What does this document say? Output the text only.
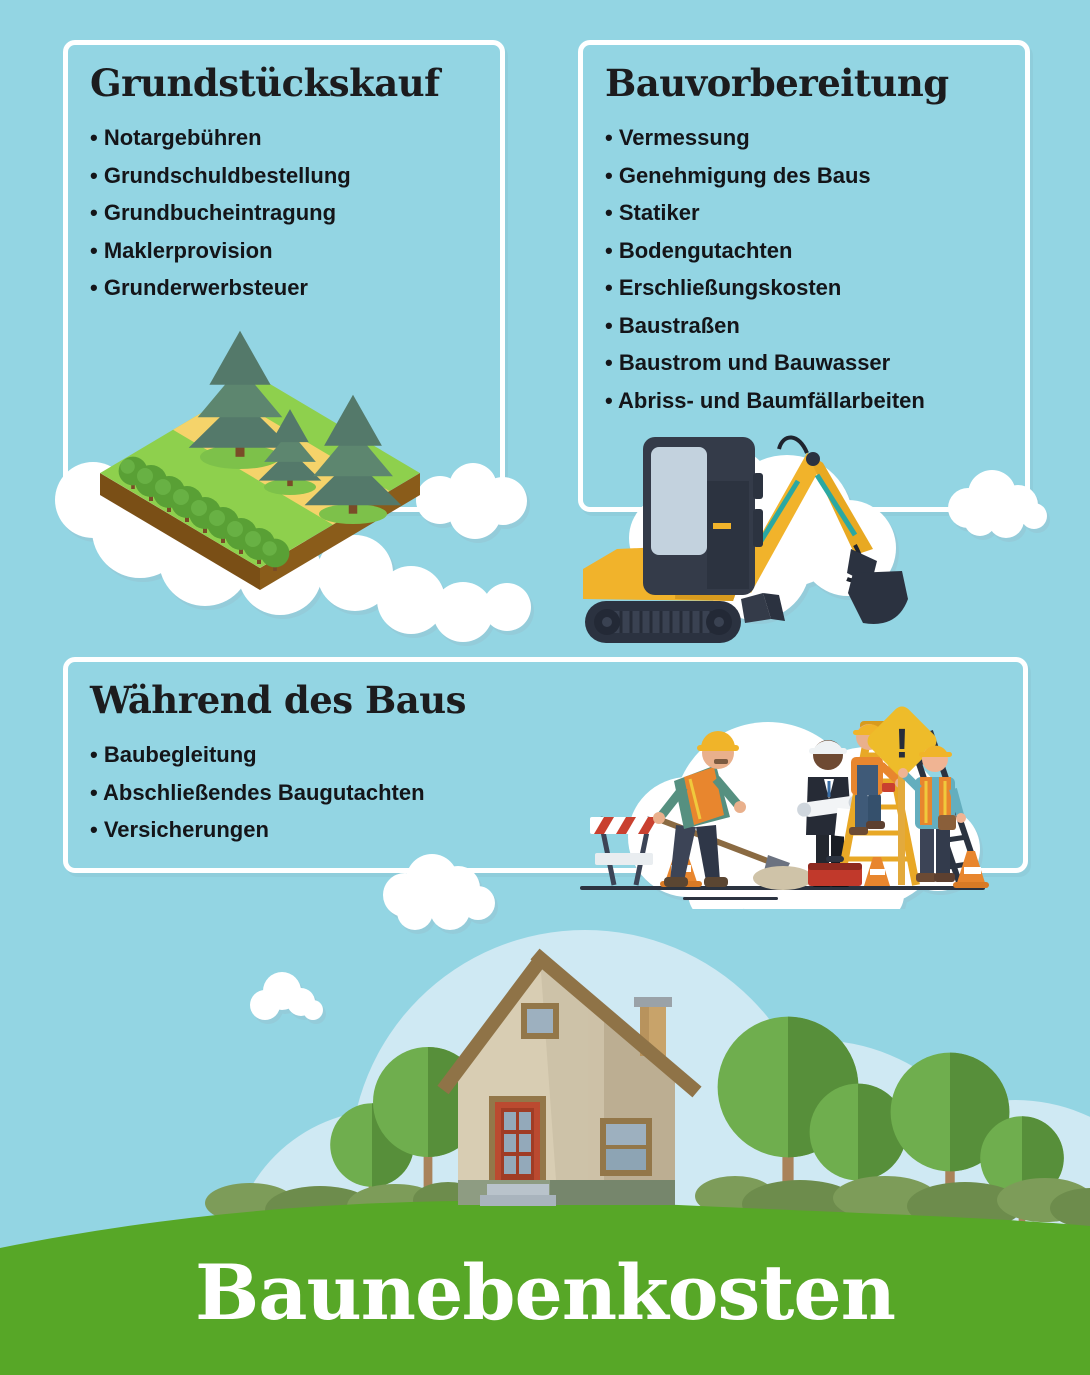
Grundstückskauf
• Notargebühren
• Grundschuldbestellung
• Grundbucheintragung
• Maklerprovision
• Grunderwerbsteuer
Bauvorbereitung
• Vermessung
• Genehmigung des Baus
• Statiker
• Bodengutachten
• Erschließungskosten
• Baustraßen
• Baustrom und Bauwasser
• Abriss- und Baumfällarbeiten
Während des Baus
• Baubegleitung
• Abschließendes Baugutachten
• Versicherungen
!
Baunebenkosten
